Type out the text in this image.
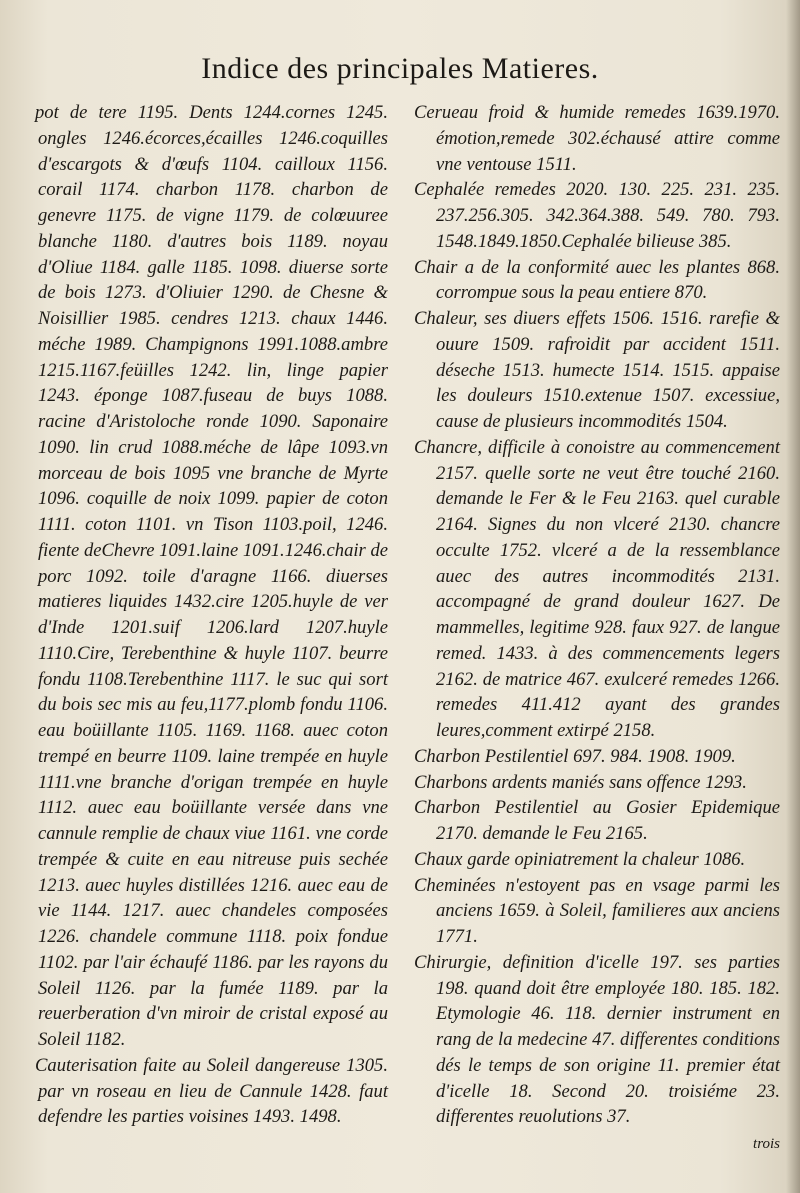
Indice des principales Matieres.

pot de tere 1195. Dents 1244.cornes 1245. ongles 1246.écorces,écailles 1246.coquilles d'escargots & d'œufs 1104. cailloux 1156. corail 1174. charbon 1178. charbon de genevre 1175. de vigne 1179. de colœuuree blanche 1180. d'autres bois 1189. noyau d'Oliue 1184. galle 1185. 1098. diuerse sorte de bois 1273. d'Oliuier 1290. de Chesne & Noisillier 1985. cendres 1213. chaux 1446. méche 1989. Champignons 1991.1088.ambre 1215.1167.feüilles 1242. lin, linge papier 1243. éponge 1087.fuseau de buys 1088. racine d'Aristoloche ronde 1090. Saponaire 1090. lin crud 1088.méche de lâpe 1093.vn morceau de bois 1095 vne branche de Myrte 1096. coquille de noix 1099. papier de coton 1111. coton 1101. vn Tison 1103.poil, 1246. fiente deChevre 1091.laine 1091.1246.chair de porc 1092. toile d'aragne 1166. diuerses matieres liquides 1432.cire 1205.huyle de ver d'Inde 1201.suif 1206.lard 1207.huyle 1110.Cire, Terebenthine & huyle 1107. beurre fondu 1108.Terebenthine 1117. le suc qui sort du bois sec mis au feu,1177.plomb fondu 1106. eau boüillante 1105. 1169. 1168. auec coton trempé en beurre 1109. laine trempée en huyle 1111.vne branche d'origan trempée en huyle 1112. auec eau boüillante versée dans vne cannule remplie de chaux viue 1161. vne corde trempée & cuite en eau nitreuse puis sechée 1213. auec huyles distillées 1216. auec eau de vie 1144. 1217. auec chandeles composées 1226. chandele commune 1118. poix fondue 1102. par l'air échaufé 1186. par les rayons du Soleil 1126. par la fumée 1189. par la reuerberation d'vn miroir de cristal exposé au Soleil 1182.

Cauterisation faite au Soleil dangereuse 1305. par vn roseau en lieu de Cannule 1428. faut defendre les parties voisines 1493. 1498.

Cerueau froid & humide remedes 1639.1970. émotion,remede 302.échausé attire comme vne ventouse 1511.

Cephalée remedes 2020. 130. 225. 231. 235. 237.256.305. 342.364.388. 549. 780. 793. 1548.1849.1850.Cephalée bilieuse 385.

Chair a de la conformité auec les plantes 868. corrompue sous la peau entiere 870.

Chaleur, ses diuers effets 1506. 1516. rarefie & ouure 1509. rafroidit par accident 1511. déseche 1513. humecte 1514. 1515. appaise les douleurs 1510.extenue 1507. excessiue, cause de plusieurs incommodités 1504.

Chancre, difficile à conoistre au commencement 2157. quelle sorte ne veut être touché 2160. demande le Fer & le Feu 2163. quel curable 2164. Signes du non vlceré 2130. chancre occulte 1752. vlceré a de la ressemblance auec des autres incommodités 2131. accompagné de grand douleur 1627. De mammelles, legitime 928. faux 927. de langue remed. 1433. à des commencements legers 2162. de matrice 467. exulceré remedes 1266. remedes 411.412 ayant des grandes leures,comment extirpé 2158.

Charbon Pestilentiel 697. 984. 1908. 1909.

Charbons ardents maniés sans offence 1293.

Charbon Pestilentiel au Gosier Epidemique 2170. demande le Feu 2165.

Chaux garde opiniatrement la chaleur 1086.

Cheminées n'estoyent pas en vsage parmi les anciens 1659. à Soleil, familieres aux anciens 1771.

Chirurgie, definition d'icelle 197. ses parties 198. quand doit être employée 180. 185. 182. Etymologie 46. 118. dernier instrument en rang de la medecine 47. differentes conditions dés le temps de son origine 11. premier état d'icelle 18. Second 20. troisiéme 23. differentes reuolutions 37.

trois
